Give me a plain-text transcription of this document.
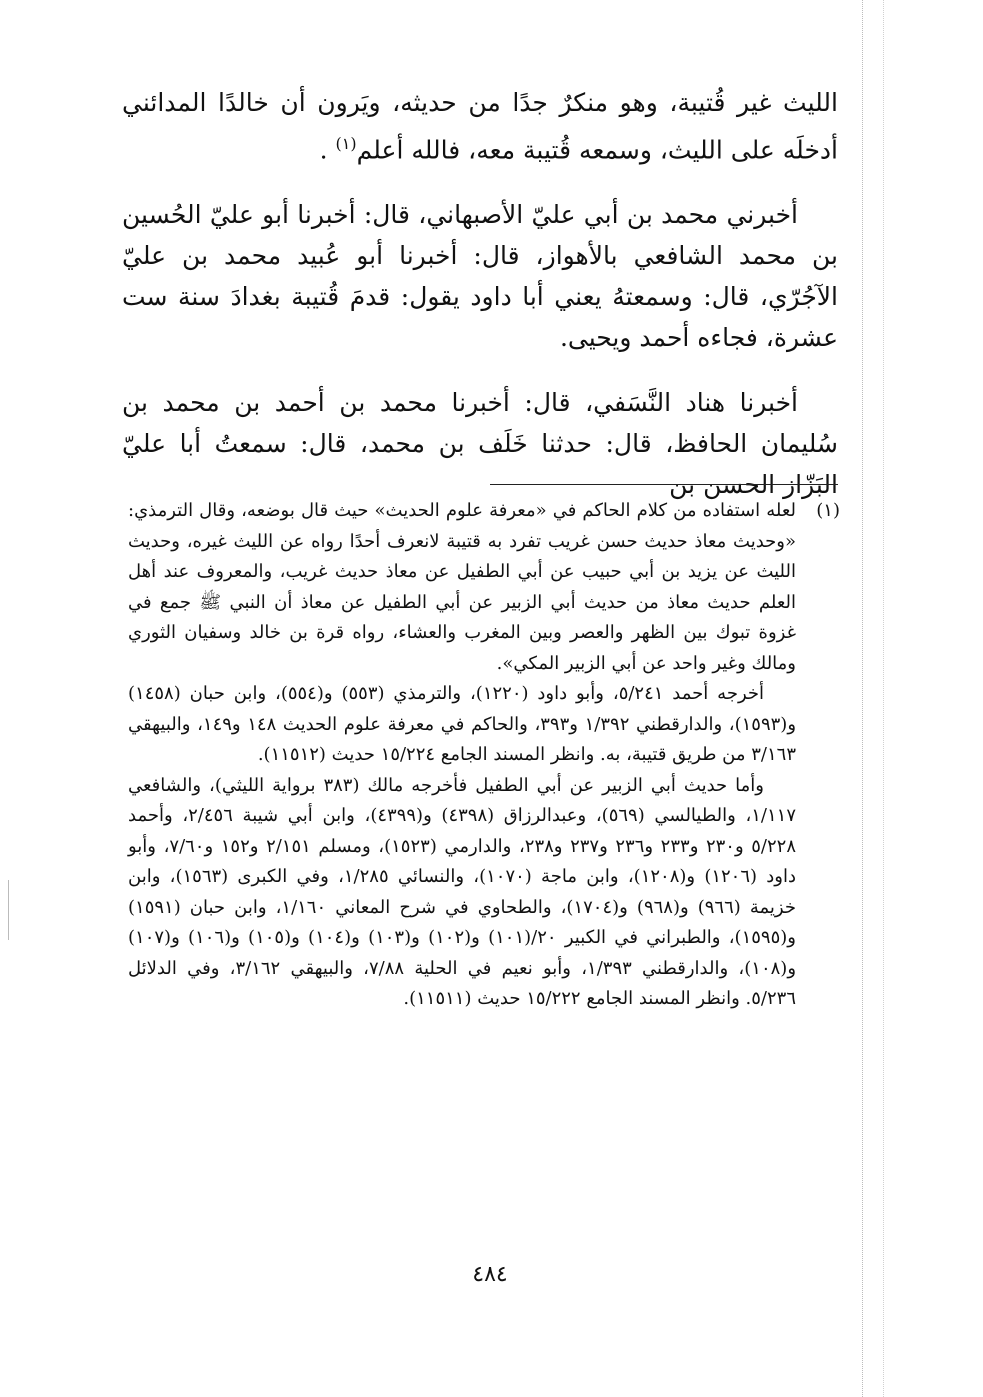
الليث غير قُتيبة، وهو منكرٌ جدًا من حديثه، ويَرون أن خالدًا المدائني أدخلَه على الليث، وسمعه قُتيبة معه، فالله أعلم$^{(١)}$ .

أخبرني محمد بن أبي عليّ الأصبهاني، قال: أخبرنا أبو عليّ الحُسين بن محمد الشافعي بالأهواز، قال: أخبرنا أبو عُبيد محمد بن عليّ الآجُرّي، قال: وسمعتهُ يعني أبا داود يقول: قدمَ قُتيبة بغدادَ سنة ست عشرة، فجاءه أحمد ويحيى.

أخبرنا هناد النَّسَفي، قال: أخبرنا محمد بن أحمد بن محمد بن سُليمان الحافظ، قال: حدثنا خَلَف بن محمد، قال: سمعتُ أبا عليّ البَزّاز الحسن بن

(١)
لعله استفاده من كلام الحاكم في «معرفة علوم الحديث» حيث قال بوضعه، وقال الترمذي: «وحديث معاذ حديث حسن غريب تفرد به قتيبة لانعرف أحدًا رواه عن الليث غيره، وحديث الليث عن يزيد بن أبي حبيب عن أبي الطفيل عن معاذ حديث غريب، والمعروف عند أهل العلم حديث معاذ من حديث أبي الزبير عن أبي الطفيل عن معاذ أن النبي ﷺ جمع في غزوة تبوك بين الظهر والعصر وبين المغرب والعشاء، رواه قرة بن خالد وسفيان الثوري ومالك وغير واحد عن أبي الزبير المكي».

أخرجه أحمد ٥/٢٤١، وأبو داود (١٢٢٠)، والترمذي (٥٥٣) و(٥٥٤)، وابن حبان (١٤٥٨) و(١٥٩٣)، والدارقطني ١/٣٩٢ و٣٩٣، والحاكم في معرفة علوم الحديث ١٤٨ و١٤٩، والبيهقي ٣/١٦٣ من طريق قتيبة، به. وانظر المسند الجامع ١٥/٢٢٤ حديث (١١٥١٢).

وأما حديث أبي الزبير عن أبي الطفيل فأخرجه مالك (٣٨٣ برواية الليثي)، والشافعي ١/١١٧، والطيالسي (٥٦٩)، وعبدالرزاق (٤٣٩٨) و(٤٣٩٩)، وابن أبي شيبة ٢/٤٥٦، وأحمد ٥/٢٢٨ و٢٣٠ و٢٣٣ و٢٣٦ و٢٣٧ و٢٣٨، والدارمي (١٥٢٣)، ومسلم ٢/١٥١ و١٥٢ و٧/٦٠، وأبو داود (١٢٠٦) و(١٢٠٨)، وابن ماجة (١٠٧٠)، والنسائي ١/٢٨٥، وفي الكبرى (١٥٦٣)، وابن خزيمة (٩٦٦) و(٩٦٨) و(١٧٠٤)، والطحاوي في شرح المعاني ١/١٦٠، وابن حبان (١٥٩١) و(١٥٩٥)، والطبراني في الكبير ٢٠/(١٠١) و(١٠٢) و(١٠٣) و(١٠٤) و(١٠٥) و(١٠٦) و(١٠٧) و(١٠٨)، والدارقطني ١/٣٩٣، وأبو نعيم في الحلية ٧/٨٨، والبيهقي ٣/١٦٢، وفي الدلائل ٥/٢٣٦. وانظر المسند الجامع ١٥/٢٢٢ حديث (١١٥١١).

٤٨٤
